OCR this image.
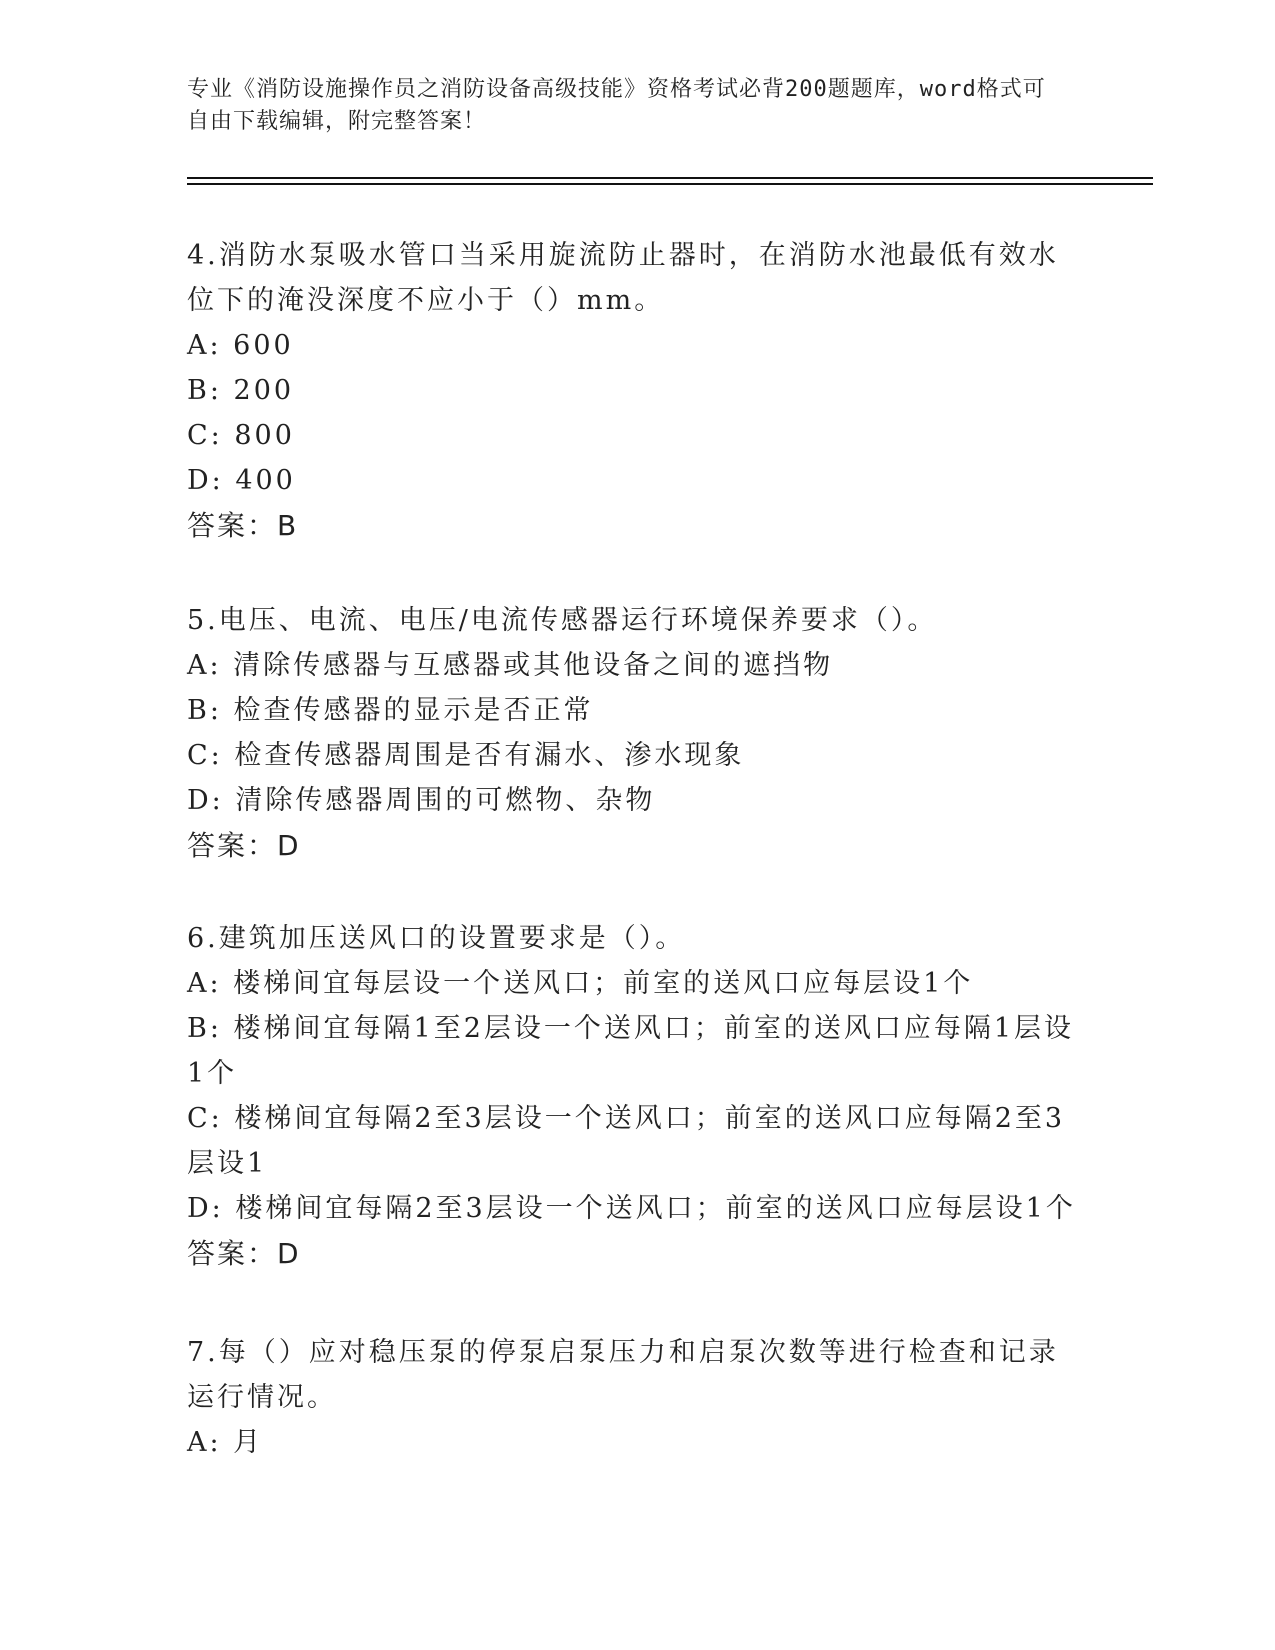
专业《消防设施操作员之消防设备高级技能》资格考试必背200题题库，word格式可自由下载编辑，附完整答案！
4.消防水泵吸水管口当采用旋流防止器时，在消防水池最低有效水位下的淹没深度不应小于（）mm。
A: 600
B: 200
C: 800
D: 400
答案：B
5.电压、电流、电压/电流传感器运行环境保养要求（）。
A: 清除传感器与互感器或其他设备之间的遮挡物
B: 检查传感器的显示是否正常
C: 检查传感器周围是否有漏水、渗水现象
D: 清除传感器周围的可燃物、杂物
答案：D
6.建筑加压送风口的设置要求是（）。
A: 楼梯间宜每层设一个送风口；前室的送风口应每层设1个
B: 楼梯间宜每隔1至2层设一个送风口；前室的送风口应每隔1层设1个
C: 楼梯间宜每隔2至3层设一个送风口；前室的送风口应每隔2至3层设1
D: 楼梯间宜每隔2至3层设一个送风口；前室的送风口应每层设1个
答案：D
7.每（）应对稳压泵的停泵启泵压力和启泵次数等进行检查和记录运行情况。
A: 月
